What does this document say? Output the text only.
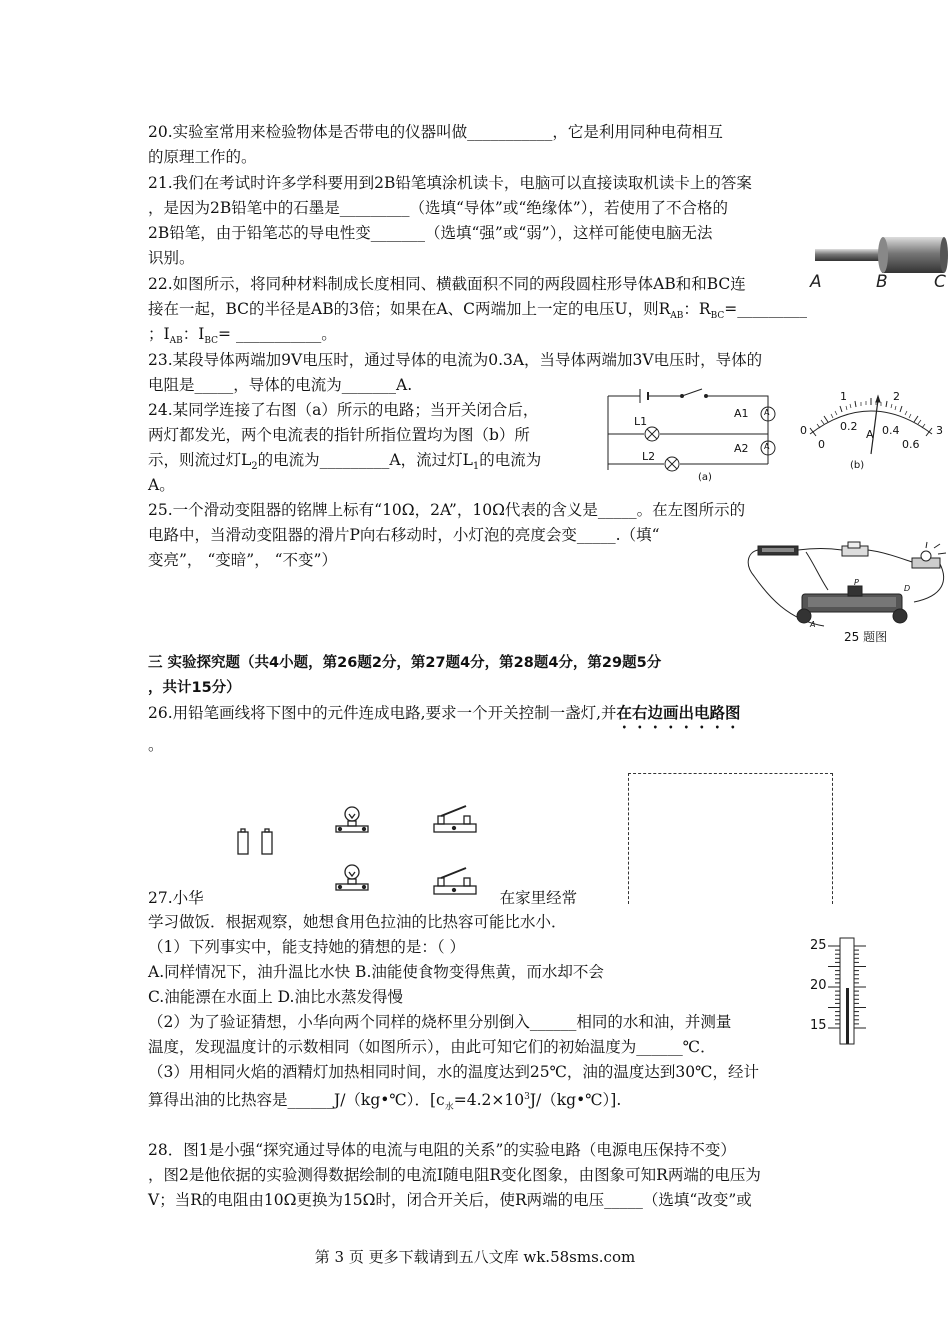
20.实验室常用来检验物体是否带电的仪器叫做___________，它是利用同种电荷相互
的原理工作的。
21.我们在考试时许多学科要用到2B铅笔填涂机读卡，电脑可以直接读取机读卡上的答案
，是因为2B铅笔中的石墨是_________（选填“导体”或“绝缘体”），若使用了不合格的
2B铅笔，由于铅笔芯的导电性变_______（选填“强”或“弱”），这样可能使电脑无法
识别。
22.如图所示，将同种材料制成长度相同、横截面积不同的两段圆柱形导体AB和和BC连
接在一起，BC的半径是AB的3倍；如果在A、C两端加上一定的电压U，则$R_{AB}$：$R_{BC}=\_\_\_\_\_\_\_\_\_$
；$I_{AB}$：$I_{BC}=$ ___________。
A	B	C
23.某段导体两端加9V电压时，通过导体的电流为0.3A，当导体两端加3V电压时，导体的
电阻是_____，导体的电流为_______A.
24.某同学连接了右图（a）所示的电路；当开关闭合后，
两灯都发光，两个电流表的指针所指位置均为图（b）所
示，则流过灯$L_2$的电流为_________A，流过灯$L_1$的电流为
A。
L1
L2
A1
A2
A
A
(a)
0
1	2
3
0
0.2 0.4
0.6
A
(b)
25.一个滑动变阻器的铭牌上标有“10Ω，2A”，10Ω代表的含义是_____。在左图所示的
电路中，当滑动变阻器的滑片P向右移动时，小灯泡的亮度会变_____.（填“
变亮”， “变暗”， “不变”）
P
D
A
25 题图
三 实验探究题（共4小题，第26题2分，第27题4分，第28题4分，第29题5分
，共计15分）
26.用铅笔画线将下图中的元件连成电路,要求一个开关控制一盏灯,并在右边画出电路图
。
27.小华	在家里经常
学习做饭．根据观察，她想食用色拉油的比热容可能比水小．
（1）下列事实中，能支持她的猜想的是：（ ）
A.同样情况下，油升温比水快 B.油能使食物变得焦黄，而水却不会
C.油能漂在水面上 D.油比水蒸发得慢
（2）为了验证猜想，小华向两个同样的烧杯里分别倒入______相同的水和油，并测量
温度，发现温度计的示数相同（如图所示），由此可知它们的初始温度为______℃．
（3）用相同火焰的酒精灯加热相同时间，水的温度达到25℃，油的温度达到30℃，经计
算得出油的比热容是______J/（kg•℃）．$[c_水=4.2\times 10^3J/(kg•℃)]$.
25
20
15
28．图1是小强“探究通过导体的电流与电阻的关系”的实验电路（电源电压保持不变）
，图2是他依据的实验测得数据绘制的电流I随电阻R变化图象，由图象可知R两端的电压为
V；当R的电阻由10Ω更换为15Ω时，闭合开关后，使R两端的电压_____（选填“改变”或
第 3 页 更多下载请到五八文库 wk.58sms.com
